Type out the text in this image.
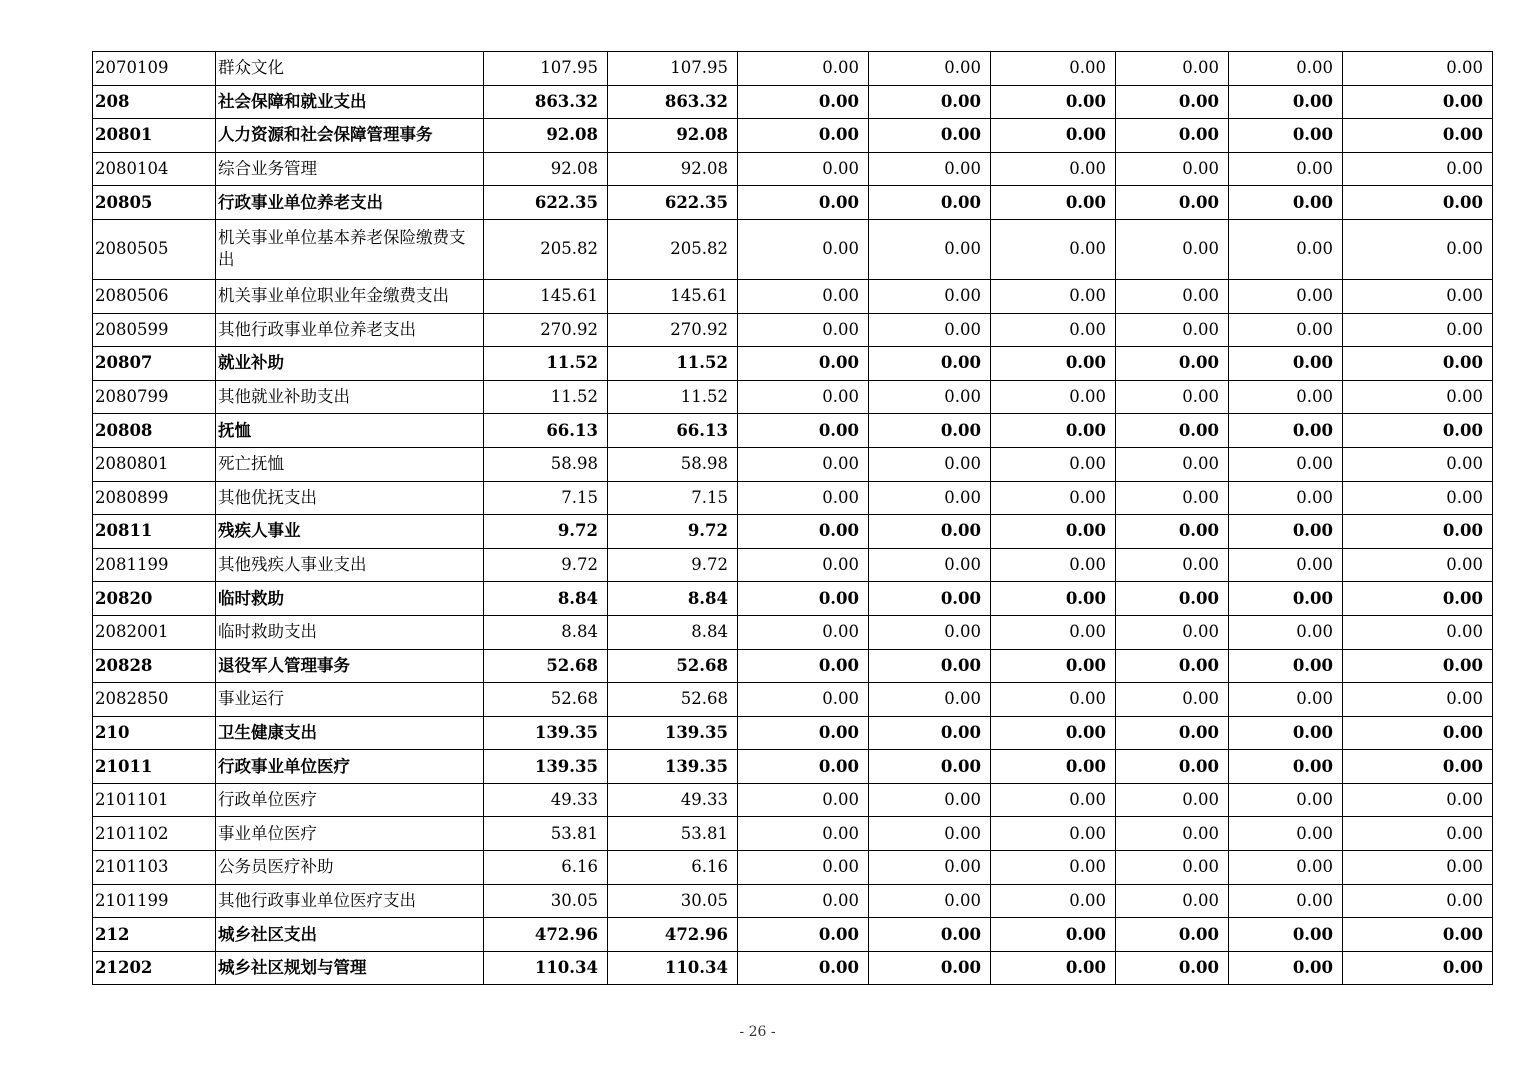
2070109	群众文化	107.95	107.95	0.00	0.00	0.00	0.00	0.00	0.00
208	社会保障和就业支出	863.32	863.32	0.00	0.00	0.00	0.00	0.00	0.00
20801	人力资源和社会保障管理事务	92.08	92.08	0.00	0.00	0.00	0.00	0.00	0.00
2080104	综合业务管理	92.08	92.08	0.00	0.00	0.00	0.00	0.00	0.00
20805	行政事业单位养老支出	622.35	622.35	0.00	0.00	0.00	0.00	0.00	0.00
2080505	机关事业单位基本养老保险缴费支出	205.82	205.82	0.00	0.00	0.00	0.00	0.00	0.00
2080506	机关事业单位职业年金缴费支出	145.61	145.61	0.00	0.00	0.00	0.00	0.00	0.00
2080599	其他行政事业单位养老支出	270.92	270.92	0.00	0.00	0.00	0.00	0.00	0.00
20807	就业补助	11.52	11.52	0.00	0.00	0.00	0.00	0.00	0.00
2080799	其他就业补助支出	11.52	11.52	0.00	0.00	0.00	0.00	0.00	0.00
20808	抚恤	66.13	66.13	0.00	0.00	0.00	0.00	0.00	0.00
2080801	死亡抚恤	58.98	58.98	0.00	0.00	0.00	0.00	0.00	0.00
2080899	其他优抚支出	7.15	7.15	0.00	0.00	0.00	0.00	0.00	0.00
20811	残疾人事业	9.72	9.72	0.00	0.00	0.00	0.00	0.00	0.00
2081199	其他残疾人事业支出	9.72	9.72	0.00	0.00	0.00	0.00	0.00	0.00
20820	临时救助	8.84	8.84	0.00	0.00	0.00	0.00	0.00	0.00
2082001	临时救助支出	8.84	8.84	0.00	0.00	0.00	0.00	0.00	0.00
20828	退役军人管理事务	52.68	52.68	0.00	0.00	0.00	0.00	0.00	0.00
2082850	事业运行	52.68	52.68	0.00	0.00	0.00	0.00	0.00	0.00
210	卫生健康支出	139.35	139.35	0.00	0.00	0.00	0.00	0.00	0.00
21011	行政事业单位医疗	139.35	139.35	0.00	0.00	0.00	0.00	0.00	0.00
2101101	行政单位医疗	49.33	49.33	0.00	0.00	0.00	0.00	0.00	0.00
2101102	事业单位医疗	53.81	53.81	0.00	0.00	0.00	0.00	0.00	0.00
2101103	公务员医疗补助	6.16	6.16	0.00	0.00	0.00	0.00	0.00	0.00
2101199	其他行政事业单位医疗支出	30.05	30.05	0.00	0.00	0.00	0.00	0.00	0.00
212	城乡社区支出	472.96	472.96	0.00	0.00	0.00	0.00	0.00	0.00
21202	城乡社区规划与管理	110.34	110.34	0.00	0.00	0.00	0.00	0.00	0.00
- 26 -
